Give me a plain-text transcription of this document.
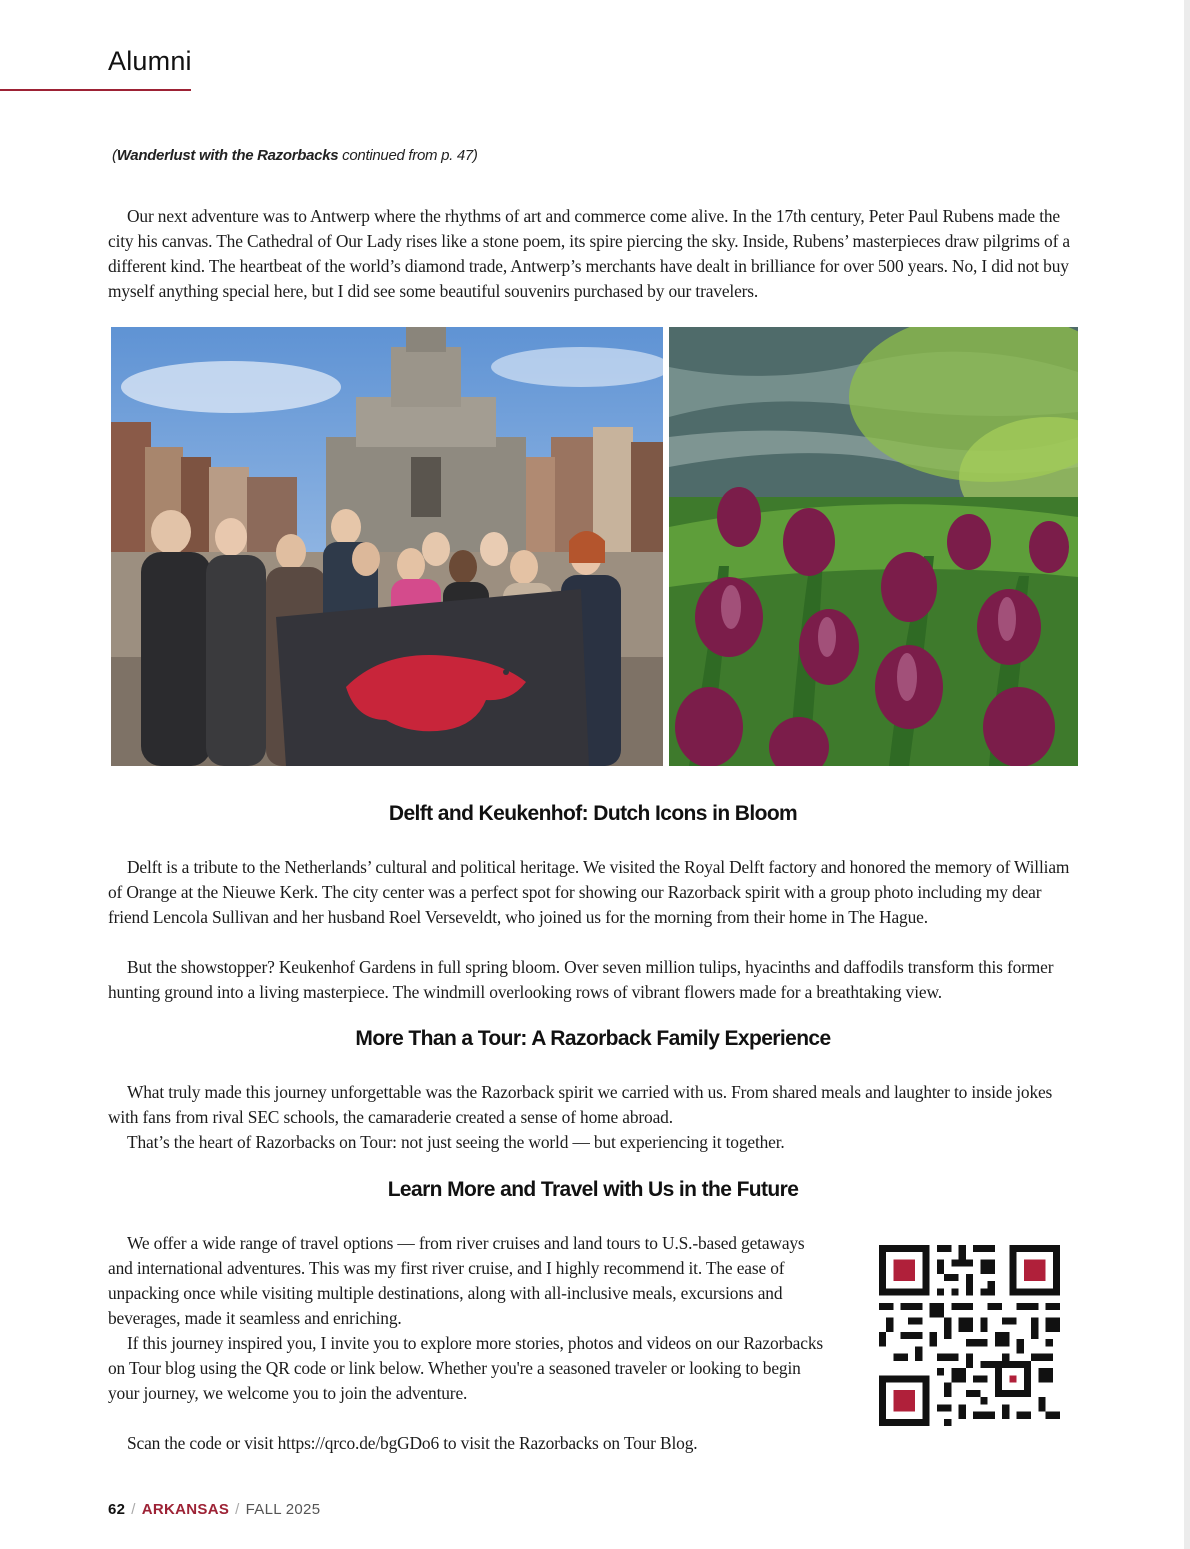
Alumni
(Wanderlust with the Razorbacks continued from p. 47)

Our next adventure was to Antwerp where the rhythms of art and commerce come alive. In the 17th century, Peter Paul Rubens made the city his canvas. The Cathedral of Our Lady rises like a stone poem, its spire piercing the sky. Inside, Rubens’ masterpieces draw pilgrims of a different kind. The heartbeat of the world’s diamond trade, Antwerp’s merchants have dealt in brilliance for over 500 years. No, I did not buy myself anything special here, but I did see some beautiful souvenirs purchased by our travelers.

Delft and Keukenhof: Dutch Icons in Bloom

Delft is a tribute to the Netherlands’ cultural and political heritage. We visited the Royal Delft factory and honored the memory of William of Orange at the Nieuwe Kerk. The city center was a perfect spot for showing our Razorback spirit with a group photo including my dear friend Lencola Sullivan and her husband Roel Verseveldt, who joined us for the morning from their home in The Hague.

But the showstopper? Keukenhof Gardens in full spring bloom. Over seven million tulips, hyacinths and daffodils transform this former hunting ground into a living masterpiece. The windmill overlooking rows of vibrant flowers made for a breathtaking view.

More Than a Tour: A Razorback Family Experience

What truly made this journey unforgettable was the Razorback spirit we carried with us. From shared meals and laughter to inside jokes with fans from rival SEC schools, the camaraderie created a sense of home abroad.

That’s the heart of Razorbacks on Tour: not just seeing the world — but experiencing it together.

Learn More and Travel with Us in the Future

We offer a wide range of travel options — from river cruises and land tours to U.S.-based getaways and international adventures. This was my first river cruise, and I highly recommend it. The ease of unpacking once while visiting multiple destinations, along with all-inclusive meals, excursions and beverages, made it seamless and enriching.

If this journey inspired you, I invite you to explore more stories, photos and videos on our Razorbacks on Tour blog using the QR code or link below. Whether you're a seasoned traveler or looking to begin your journey, we welcome you to join the adventure.

Scan the code or visit https://qrco.de/bgGDo6 to visit the Razorbacks on Tour Blog.

62 / ARKANSAS / FALL 2025
